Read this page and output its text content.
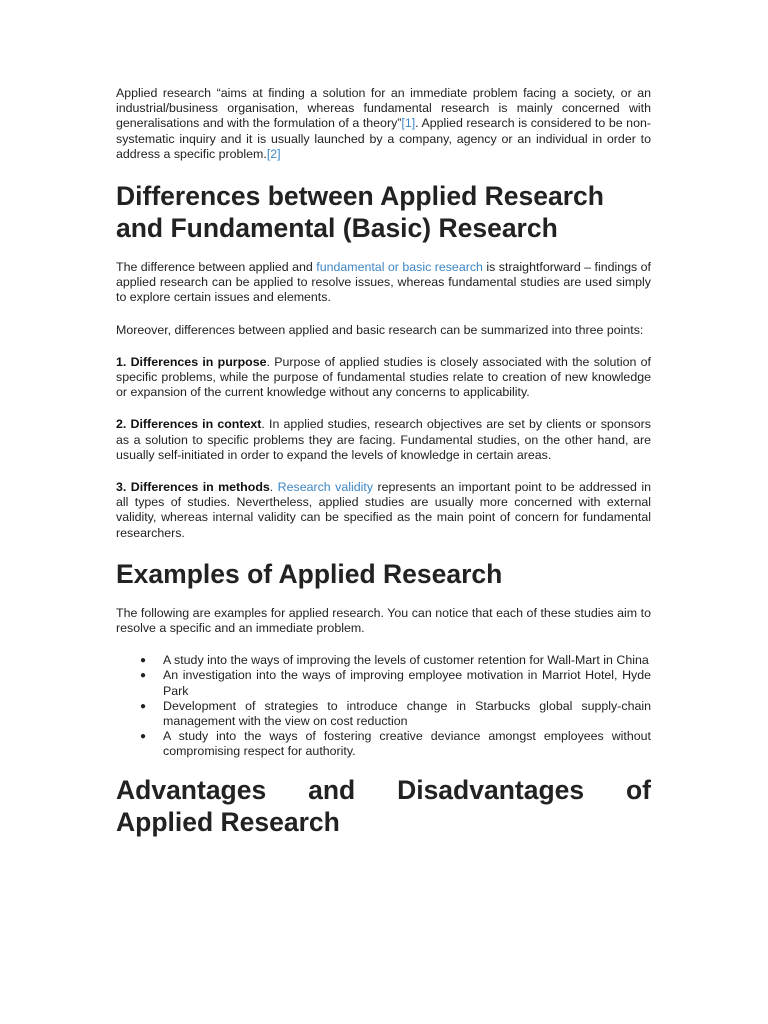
Applied research “aims at finding a solution for an immediate problem facing a society, or an industrial/business organisation, whereas fundamental research is mainly concerned with generalisations and with the formulation of a theory”[1]. Applied research is considered to be non-systematic inquiry and it is usually launched by a company, agency or an individual in order to address a specific problem.[2]

Differences between Applied Research and Fundamental (Basic) Research

The difference between applied and fundamental or basic research is straightforward – findings of applied research can be applied to resolve issues, whereas fundamental studies are used simply to explore certain issues and elements.

Moreover, differences between applied and basic research can be summarized into three points:

1. Differences in purpose. Purpose of applied studies is closely associated with the solution of specific problems, while the purpose of fundamental studies relate to creation of new knowledge or expansion of the current knowledge without any concerns to applicability.

2. Differences in context. In applied studies, research objectives are set by clients or sponsors as a solution to specific problems they are facing. Fundamental studies, on the other hand, are usually self-initiated in order to expand the levels of knowledge in certain areas.

3. Differences in methods. Research validity represents an important point to be addressed in all types of studies. Nevertheless, applied studies are usually more concerned with external validity, whereas internal validity can be specified as the main point of concern for fundamental researchers.

Examples of Applied Research

The following are examples for applied research. You can notice that each of these studies aim to resolve a specific and an immediate problem.

● A study into the ways of improving the levels of customer retention for Wall-Mart in China
● An investigation into the ways of improving employee motivation in Marriot Hotel, Hyde Park
● Development of strategies to introduce change in Starbucks global supply-chain management with the view on cost reduction
● A study into the ways of fostering creative deviance amongst employees without compromising respect for authority.
Advantages and Disadvantages of
Applied Research
